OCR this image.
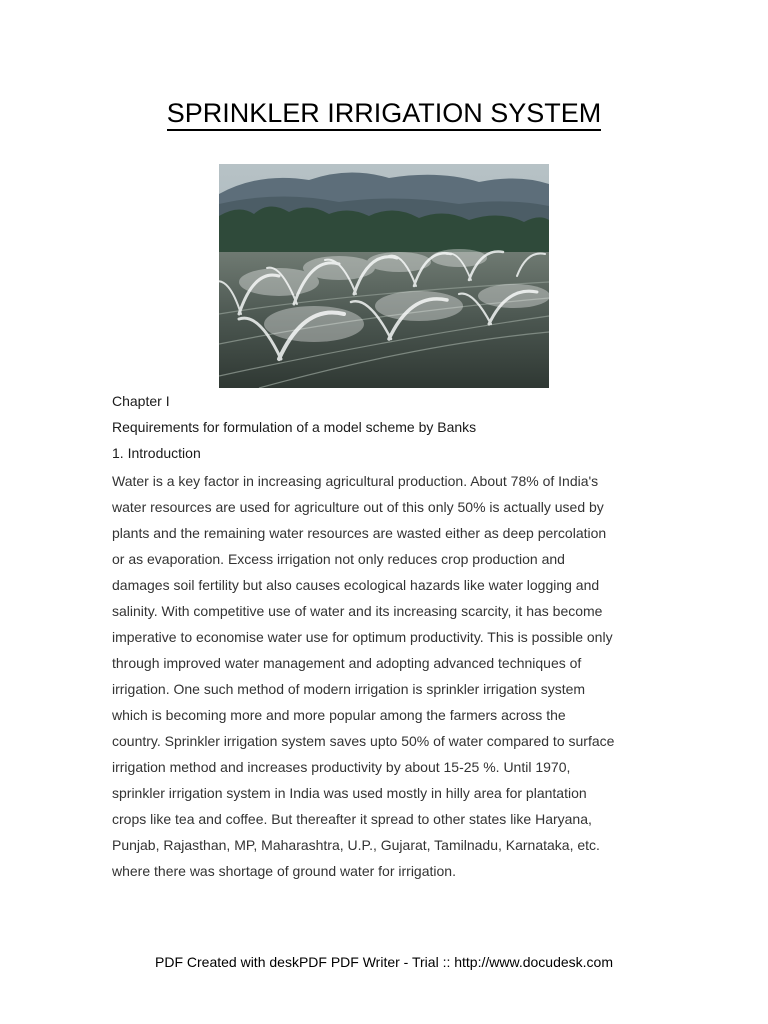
SPRINKLER IRRIGATION SYSTEM
Chapter I
Requirements for formulation of a model scheme by Banks
1. Introduction
Water is a key factor in increasing agricultural production. About 78% of India's
water resources are used for agriculture out of this only 50% is actually used by
plants and the remaining water resources are wasted either as deep percolation
or as evaporation. Excess irrigation not only reduces crop production and
damages soil fertility but also causes ecological hazards like water logging and
salinity. With competitive use of water and its increasing scarcity, it has become
imperative to economise water use for optimum productivity. This is possible only
through improved water management and adopting advanced techniques of
irrigation. One such method of modern irrigation is sprinkler irrigation system
which is becoming more and more popular among the farmers across the
country. Sprinkler irrigation system saves upto 50% of water compared to surface
irrigation method and increases productivity by about 15-25 %. Until 1970,
sprinkler irrigation system in India was used mostly in hilly area for plantation
crops like tea and coffee. But thereafter it spread to other states like Haryana,
Punjab, Rajasthan, MP, Maharashtra, U.P., Gujarat, Tamilnadu, Karnataka, etc.
where there was shortage of ground water for irrigation.
PDF Created with deskPDF PDF Writer - Trial :: http://www.docudesk.com
